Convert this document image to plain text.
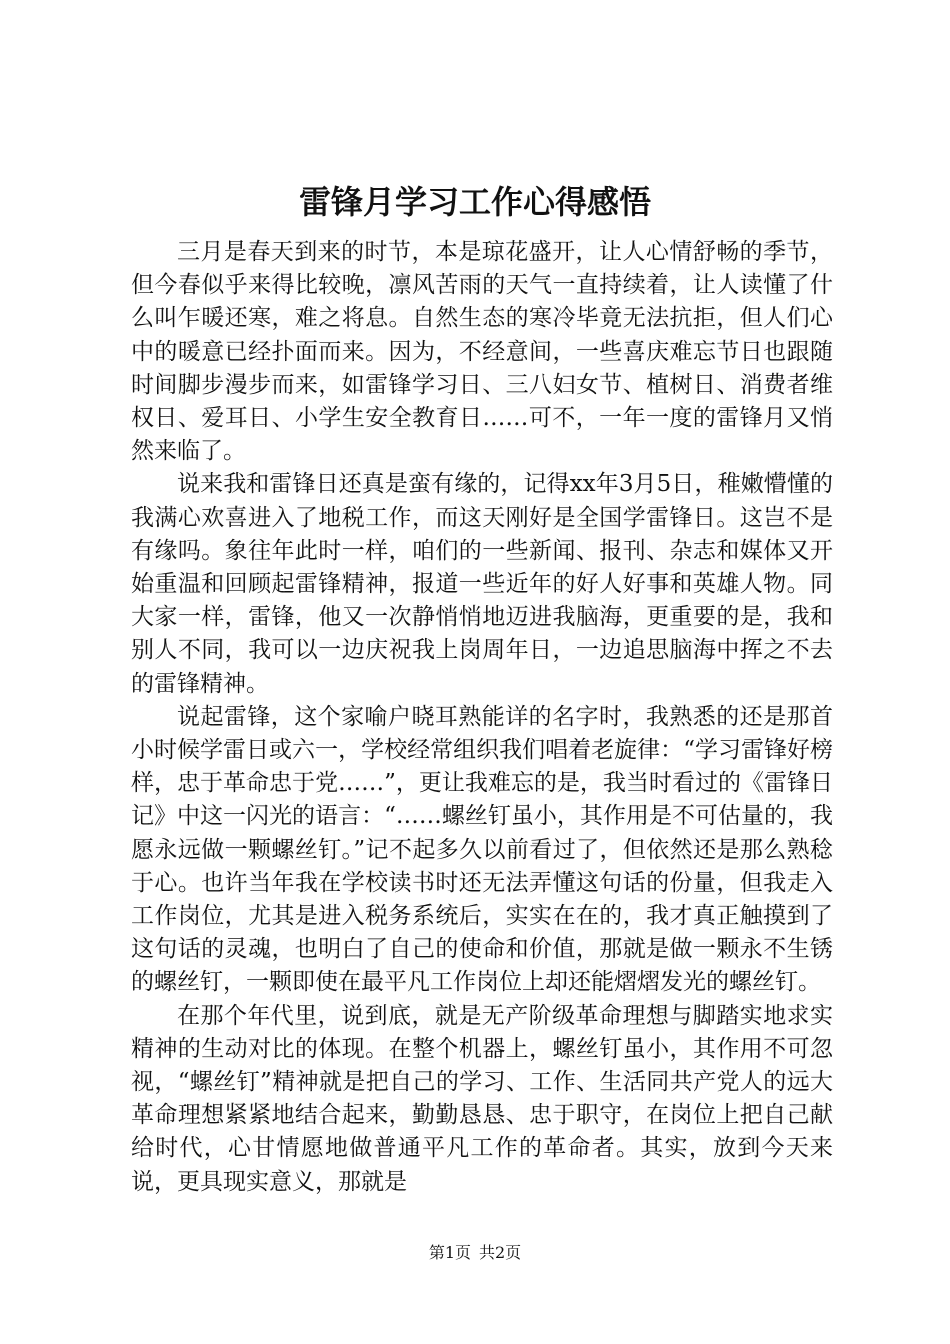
雷锋月学习工作心得感悟

三月是春天到来的时节，本是琼花盛开，让人心情舒畅的季节，但今春似乎来得比较晚，凛风苦雨的天气一直持续着，让人读懂了什么叫乍暖还寒，难之将息。自然生态的寒冷毕竟无法抗拒，但人们心中的暖意已经扑面而来。因为，不经意间，一些喜庆难忘节日也跟随时间脚步漫步而来，如雷锋学习日、三八妇女节、植树日、消费者维权日、爱耳日、小学生安全教育日……可不，一年一度的雷锋月又悄然来临了。

说来我和雷锋日还真是蛮有缘的，记得xx年3月5日，稚嫩懵懂的我满心欢喜进入了地税工作，而这天刚好是全国学雷锋日。这岂不是有缘吗。象往年此时一样，咱们的一些新闻、报刊、杂志和媒体又开始重温和回顾起雷锋精神，报道一些近年的好人好事和英雄人物。同大家一样，雷锋，他又一次静悄悄地迈进我脑海，更重要的是，我和别人不同，我可以一边庆祝我上岗周年日，一边追思脑海中挥之不去的雷锋精神。

说起雷锋，这个家喻户晓耳熟能详的名字时，我熟悉的还是那首小时候学雷日或六一，学校经常组织我们唱着老旋律：“学习雷锋好榜样，忠于革命忠于党……”，更让我难忘的是，我当时看过的《雷锋日记》中这一闪光的语言：“……螺丝钉虽小，其作用是不可估量的，我愿永远做一颗螺丝钉。”记不起多久以前看过了，但依然还是那么熟稔于心。也许当年我在学校读书时还无法弄懂这句话的份量，但我走入工作岗位，尤其是进入税务系统后，实实在在的，我才真正触摸到了这句话的灵魂，也明白了自己的使命和价值，那就是做一颗永不生锈的螺丝钉，一颗即使在最平凡工作岗位上却还能熠熠发光的螺丝钉。

在那个年代里，说到底，就是无产阶级革命理想与脚踏实地求实精神的生动对比的体现。在整个机器上，螺丝钉虽小，其作用不可忽视，“螺丝钉”精神就是把自己的学习、工作、生活同共产党人的远大革命理想紧紧地结合起来，勤勤恳恳、忠于职守，在岗位上把自己献给时代，心甘情愿地做普通平凡工作的革命者。其实，放到今天来说，更具现实意义，那就是

第1页 共2页
